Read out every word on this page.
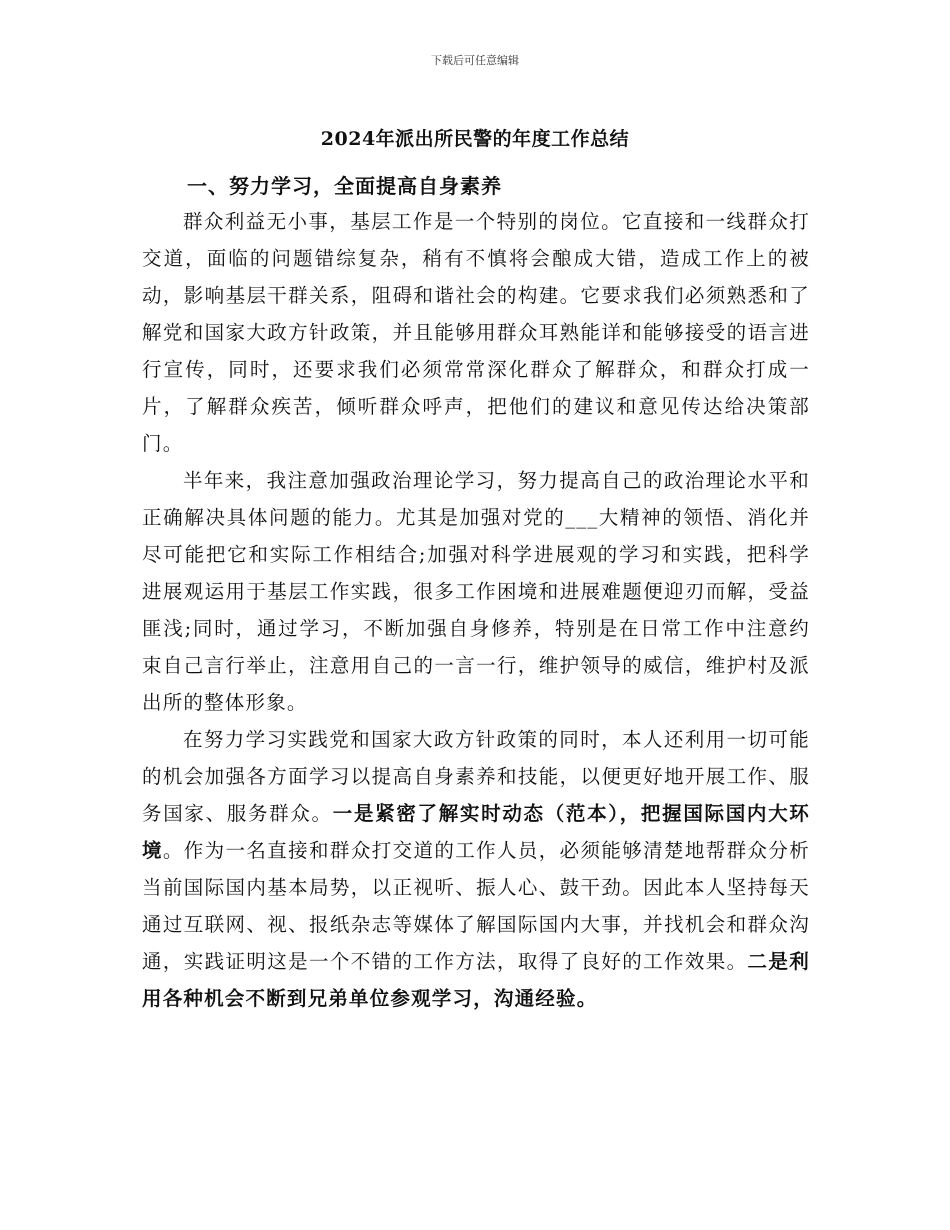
下载后可任意编辑
2024年派出所民警的年度工作总结
一、努力学习，全面提高自身素养

群众利益无小事，基层工作是一个特别的岗位。它直接和一线群众打交道，面临的问题错综复杂，稍有不慎将会酿成大错，造成工作上的被动，影响基层干群关系，阻碍和谐社会的构建。它要求我们必须熟悉和了解党和国家大政方针政策，并且能够用群众耳熟能详和能够接受的语言进行宣传，同时，还要求我们必须常常深化群众了解群众，和群众打成一片，了解群众疾苦，倾听群众呼声，把他们的建议和意见传达给决策部门。

半年来，我注意加强政治理论学习，努力提高自己的政治理论水平和正确解决具体问题的能力。尤其是加强对党的___大精神的领悟、消化并尽可能把它和实际工作相结合;加强对科学进展观的学习和实践，把科学进展观运用于基层工作实践，很多工作困境和进展难题便迎刃而解，受益匪浅;同时，通过学习，不断加强自身修养，特别是在日常工作中注意约束自己言行举止，注意用自己的一言一行，维护领导的威信，维护村及派出所的整体形象。

在努力学习实践党和国家大政方针政策的同时，本人还利用一切可能的机会加强各方面学习以提高自身素养和技能，以便更好地开展工作、服务国家、服务群众。一是紧密了解实时动态（范本），把握国际国内大环境。作为一名直接和群众打交道的工作人员，必须能够清楚地帮群众分析当前国际国内基本局势，以正视听、振人心、鼓干劲。因此本人坚持每天通过互联网、视、报纸杂志等媒体了解国际国内大事，并找机会和群众沟通，实践证明这是一个不错的工作方法，取得了良好的工作效果。二是利用各种机会不断到兄弟单位参观学习，沟通经验。
